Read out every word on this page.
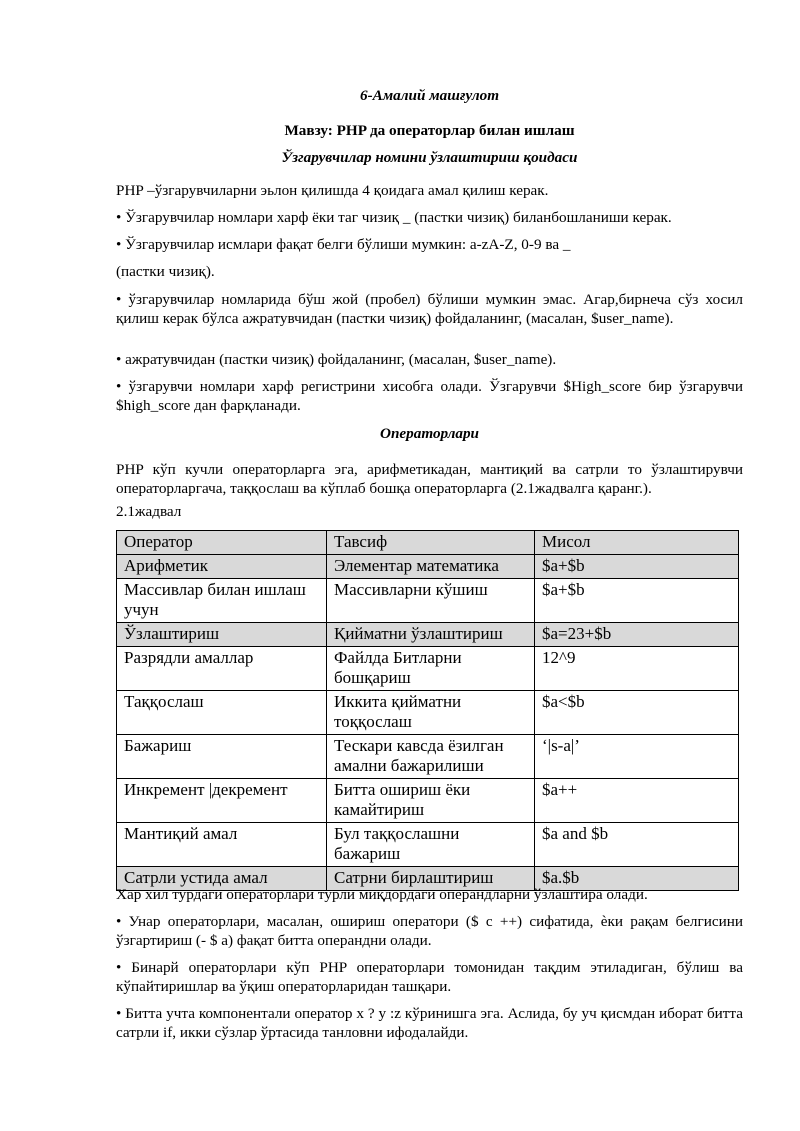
6-Амалий машғулот

Мавзу: PHP да операторлар билан ишлаш

Ўзгарувчилар номини ўзлаштириш қоидаси

PHP –ўзгарувчиларни эьлон қилишда 4 қоидага амал қилиш керак.

• Ўзгарувчилар номлари харф ёки таг чизиқ _ (пастки чизиқ) биланбошланиши керак.

• Ўзгарувчилар исмлари фақат белги бўлиши мумкин: a-zA-Z, 0-9 ва _

(пастки чизиқ).

• ўзгарувчилар номларида бўш жой (пробел) бўлиши мумкин эмас. Агар,бирнеча сўз хосил қилиш керак бўлса ажратувчидан (пастки чизиқ) фойдаланинг, (масалан, $user_name).

• ажратувчидан (пастки чизиқ) фойдаланинг, (масалан, $user_name).

• ўзгарувчи номлари харф регистрини хисобга олади. Ўзгарувчи $High_score бир ўзгарувчи $high_score дан фарқланади.

Операторлари

PHP кўп кучли операторларга эга, арифметикадан, мантиқий ва сатрли то ўзлаштирувчи операторларгача, таққослаш ва кўплаб бошқа операторларга (2.1жадвалга қаранг.).

2.1жадвал

Оператор	Тавсиф	Мисол
Арифметик	Элементар математика	$a+$b
Массивлар билан ишлаш учун	Массивларни кўшиш	$a+$b
Ўзлаштириш	Қийматни ўзлаштириш	$a=23+$b
Разрядли амаллар	Файлда Битларни бошқариш	12^9
Таққослаш	Иккита қийматни тоққослаш	$a<$b
Бажариш	Тескари кавсда ёзилган амални бажарилиши	‘|s-a|’
Инкремент |декремент	Битта ошириш ёки камайтириш	$a++
Мантиқий амал	Бул таққослашни бажариш	$a and $b
Сатрли устида амал	Сатрни бирлаштириш	$a.$b

Хар хил турдаги операторлари турли миқдордаги операндларни ўзлаштира олади.

• Унар операторлари, масалан, ошириш оператори ($ c ++) сифатида, ѐки рақам белгисини ўзгартириш (- $ a) фақат битта операндни олади.

• Бинарй операторлари кўп PHP операторлари томонидан тақдим этиладиган, бўлиш ва кўпайтиришлар ва ўқиш операторларидан ташқари.

• Битта учта компонентали оператор x ? y :z кўринишга эга. Аслида, бу уч қисмдан иборат битта сатрли if, икки сўзлар ўртасида танловни ифодалайди.
